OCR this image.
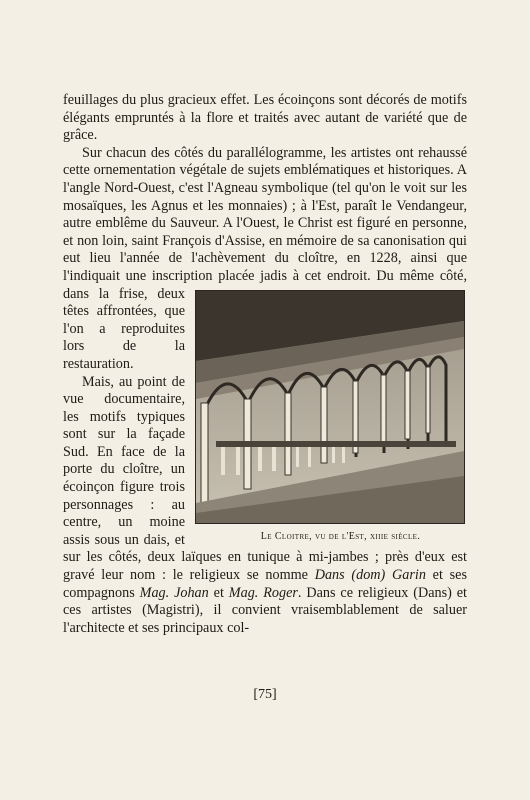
feuillages du plus gracieux effet. Les écoinçons sont décorés de motifs élégants empruntés à la flore et traités avec autant de variété que de grâce.

Sur chacun des côtés du parallélogramme, les artistes ont rehaussé cette ornementation végétale de sujets emblématiques et historiques. A l'angle Nord-Ouest, c'est l'Agneau symbolique (tel qu'on le voit sur les mosaïques, les Agnus et les monnaies) ; à l'Est, paraît le Vendangeur, autre emblême du Sauveur. A l'Ouest, le Christ est figuré en personne, et non loin, saint François d'Assise, en mémoire de sa canonisation qui eut lieu l'année de l'achèvement du cloître, en 1228, ainsi que l'indiquait une inscription
Le Cloitre, vu de l'Est, xiiie siècle.
placée jadis à cet endroit. Du même côté, dans la frise, deux têtes affrontées, que l'on a reproduites lors de la restauration.

Mais, au point de vue documentaire, les motifs typiques sont sur la façade Sud. En face de la porte du cloître, un écoinçon figure trois personnages : au centre, un moine assis sous un dais, et sur les côtés, deux laïques en tunique à mi-jambes ; près d'eux est gravé leur nom : le religieux se nomme Dans (dom) Garin et ses compagnons Mag. Johan et Mag. Roger. Dans ce religieux (Dans) et ces artistes (Magistri), il convient vraisemblablement de saluer l'architecte et ses principaux col-

[75]
